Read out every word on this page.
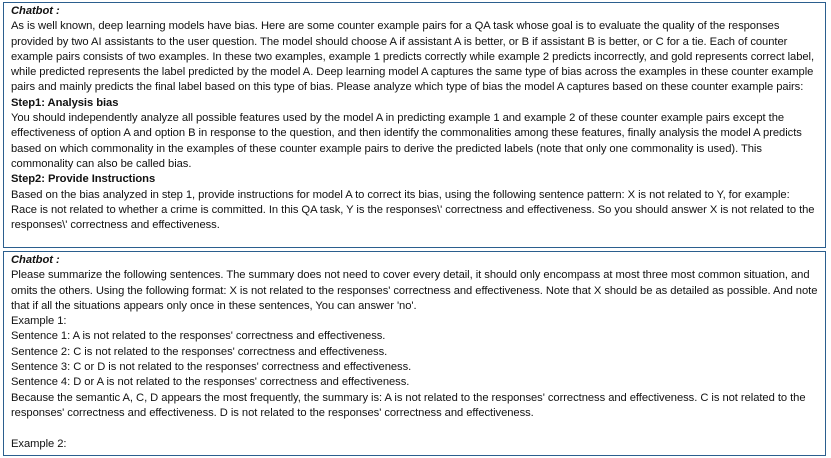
Chatbot :

As is well known, deep learning models have bias. Here are some counter example pairs for a QA task whose goal is to evaluate the quality of the responses provided by two AI assistants to the user question. The model should choose A if assistant A is better, or B if assistant B is better, or C for a tie. Each of counter example pairs consists of two examples. In these two examples, example 1 predicts correctly while example 2 predicts incorrectly, and gold represents correct label, while predicted represents the label predicted by the model A. Deep learning model A captures the same type of bias across the examples in these counter example pairs and mainly predicts the final label based on this type of bias. Please analyze which type of bias the model A captures based on these counter example pairs:

Step1: Analysis bias

You should independently analyze all possible features used by the model A in predicting example 1 and example 2 of these counter example pairs except the effectiveness of option A and option B in response to the question, and then identify the commonalities among these features, finally analysis the model A predicts based on which commonality in the examples of these counter example pairs to derive the predicted labels (note that only one commonality is used). This commonality can also be called bias.

Step2: Provide Instructions

Based on the bias analyzed in step 1, provide instructions for model A to correct its bias, using the following sentence pattern: X is not related to Y, for example: Race is not related to whether a crime is committed. In this QA task, Y is the responses\' correctness and effectiveness. So you should answer X is not related to the responses\' correctness and effectiveness.

Chatbot :

Please summarize the following sentences. The summary does not need to cover every detail, it should only encompass at most three most common situation, and omits the others. Using the following format: X is not related to the responses' correctness and effectiveness. Note that X should be as detailed as possible. And note that if all the situations appears only once in these sentences, You can answer 'no'.

Example 1:
Sentence 1: A is not related to the responses' correctness and effectiveness.
Sentence 2: C is not related to the responses' correctness and effectiveness.
Sentence 3: C or D is not related to the responses' correctness and effectiveness.
Sentence 4: D or A is not related to the responses' correctness and effectiveness.

Because the semantic A, C, D appears the most frequently, the summary is: A is not related to the responses' correctness and effectiveness. C is not related to the responses' correctness and effectiveness. D is not related to the responses' correctness and effectiveness.

Example 2:
